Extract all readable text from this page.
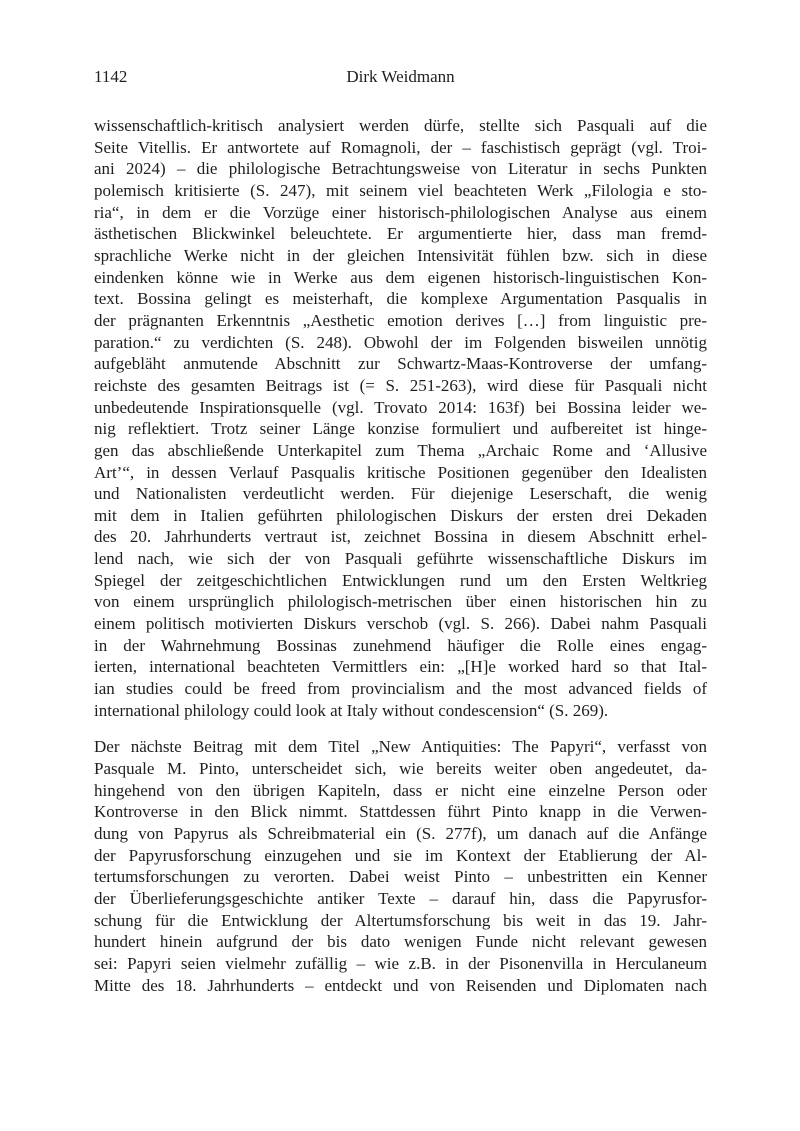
1142	Dirk Weidmann
wissenschaftlich-kritisch analysiert werden dürfe, stellte sich Pasquali auf die
Seite Vitellis. Er antwortete auf Romagnoli, der – faschistisch geprägt (vgl. Troi-
ani 2024) – die philologische Betrachtungsweise von Literatur in sechs Punkten
polemisch kritisierte (S. 247), mit seinem viel beachteten Werk „Filologia e sto-
ria“, in dem er die Vorzüge einer historisch-philologischen Analyse aus einem
ästhetischen Blickwinkel beleuchtete. Er argumentierte hier, dass man fremd-
sprachliche Werke nicht in der gleichen Intensivität fühlen bzw. sich in diese
eindenken könne wie in Werke aus dem eigenen historisch-linguistischen Kon-
text. Bossina gelingt es meisterhaft, die komplexe Argumentation Pasqualis in
der prägnanten Erkenntnis „Aesthetic emotion derives […] from linguistic pre-
paration.“ zu verdichten (S. 248). Obwohl der im Folgenden bisweilen unnötig
aufgebläht anmutende Abschnitt zur Schwartz-Maas-Kontroverse der umfang-
reichste des gesamten Beitrags ist (= S. 251-263), wird diese für Pasquali nicht
unbedeutende Inspirationsquelle (vgl. Trovato 2014: 163f) bei Bossina leider we-
nig reflektiert. Trotz seiner Länge konzise formuliert und aufbereitet ist hinge-
gen das abschließende Unterkapitel zum Thema „Archaic Rome and ‘Allusive
Art’“, in dessen Verlauf Pasqualis kritische Positionen gegenüber den Idealisten
und Nationalisten verdeutlicht werden. Für diejenige Leserschaft, die wenig
mit dem in Italien geführten philologischen Diskurs der ersten drei Dekaden
des 20. Jahrhunderts vertraut ist, zeichnet Bossina in diesem Abschnitt erhel-
lend nach, wie sich der von Pasquali geführte wissenschaftliche Diskurs im
Spiegel der zeitgeschichtlichen Entwicklungen rund um den Ersten Weltkrieg
von einem ursprünglich philologisch-metrischen über einen historischen hin zu
einem politisch motivierten Diskurs verschob (vgl. S. 266). Dabei nahm Pasquali
in der Wahrnehmung Bossinas zunehmend häufiger die Rolle eines engag-
ierten, international beachteten Vermittlers ein: „[H]e worked hard so that Ital-
ian studies could be freed from provincialism and the most advanced fields of
international philology could look at Italy without condescension“ (S. 269).
Der nächste Beitrag mit dem Titel „New Antiquities: The Papyri“, verfasst von
Pasquale M. Pinto, unterscheidet sich, wie bereits weiter oben angedeutet, da-
hingehend von den übrigen Kapiteln, dass er nicht eine einzelne Person oder
Kontroverse in den Blick nimmt. Stattdessen führt Pinto knapp in die Verwen-
dung von Papyrus als Schreibmaterial ein (S. 277f), um danach auf die Anfänge
der Papyrusforschung einzugehen und sie im Kontext der Etablierung der Al-
tertumsforschungen zu verorten. Dabei weist Pinto – unbestritten ein Kenner
der Überlieferungsgeschichte antiker Texte – darauf hin, dass die Papyrusfor-
schung für die Entwicklung der Altertumsforschung bis weit in das 19. Jahr-
hundert hinein aufgrund der bis dato wenigen Funde nicht relevant gewesen
sei: Papyri seien vielmehr zufällig – wie z.B. in der Pisonenvilla in Herculaneum
Mitte des 18. Jahrhunderts – entdeckt und von Reisenden und Diplomaten nach
